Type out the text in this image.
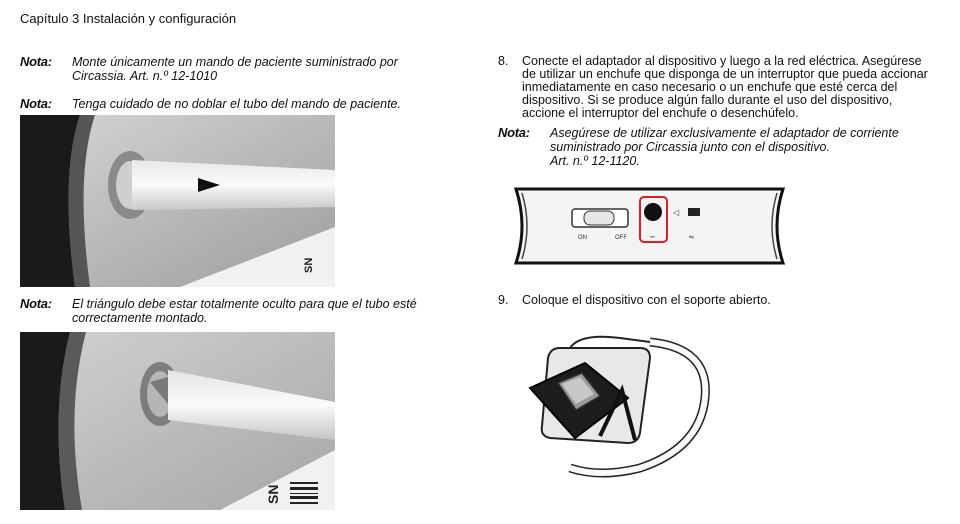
Capítulo 3 Instalación y configuración
Nota: Monte únicamente un mando de paciente suministrado por
Circassia. Art. n.º 12-1010
Nota: Tenga cuidado de no doblar el tubo del mando de paciente.
SN
Nota: El triángulo debe estar totalmente oculto para que el tubo esté
correctamente montado.
SN
8. Conecte el adaptador al dispositivo y luego a la red eléctrica. Asegúrese
de utilizar un enchufe que disponga de un interruptor que pueda accionar
inmediatamente en caso necesario o un enchufe que esté cerca del
dispositivo. Si se produce algún fallo durante el uso del dispositivo,
accione el interruptor del enchufe o desenchúfelo.
Nota: Asegúrese de utilizar exclusivamente el adaptador de corriente
suministrado por Circassia junto con el dispositivo.
Art. n.º 12-1120.
ON	OFF
◁
⇋
⎓
9. Coloque el dispositivo con el soporte abierto.
